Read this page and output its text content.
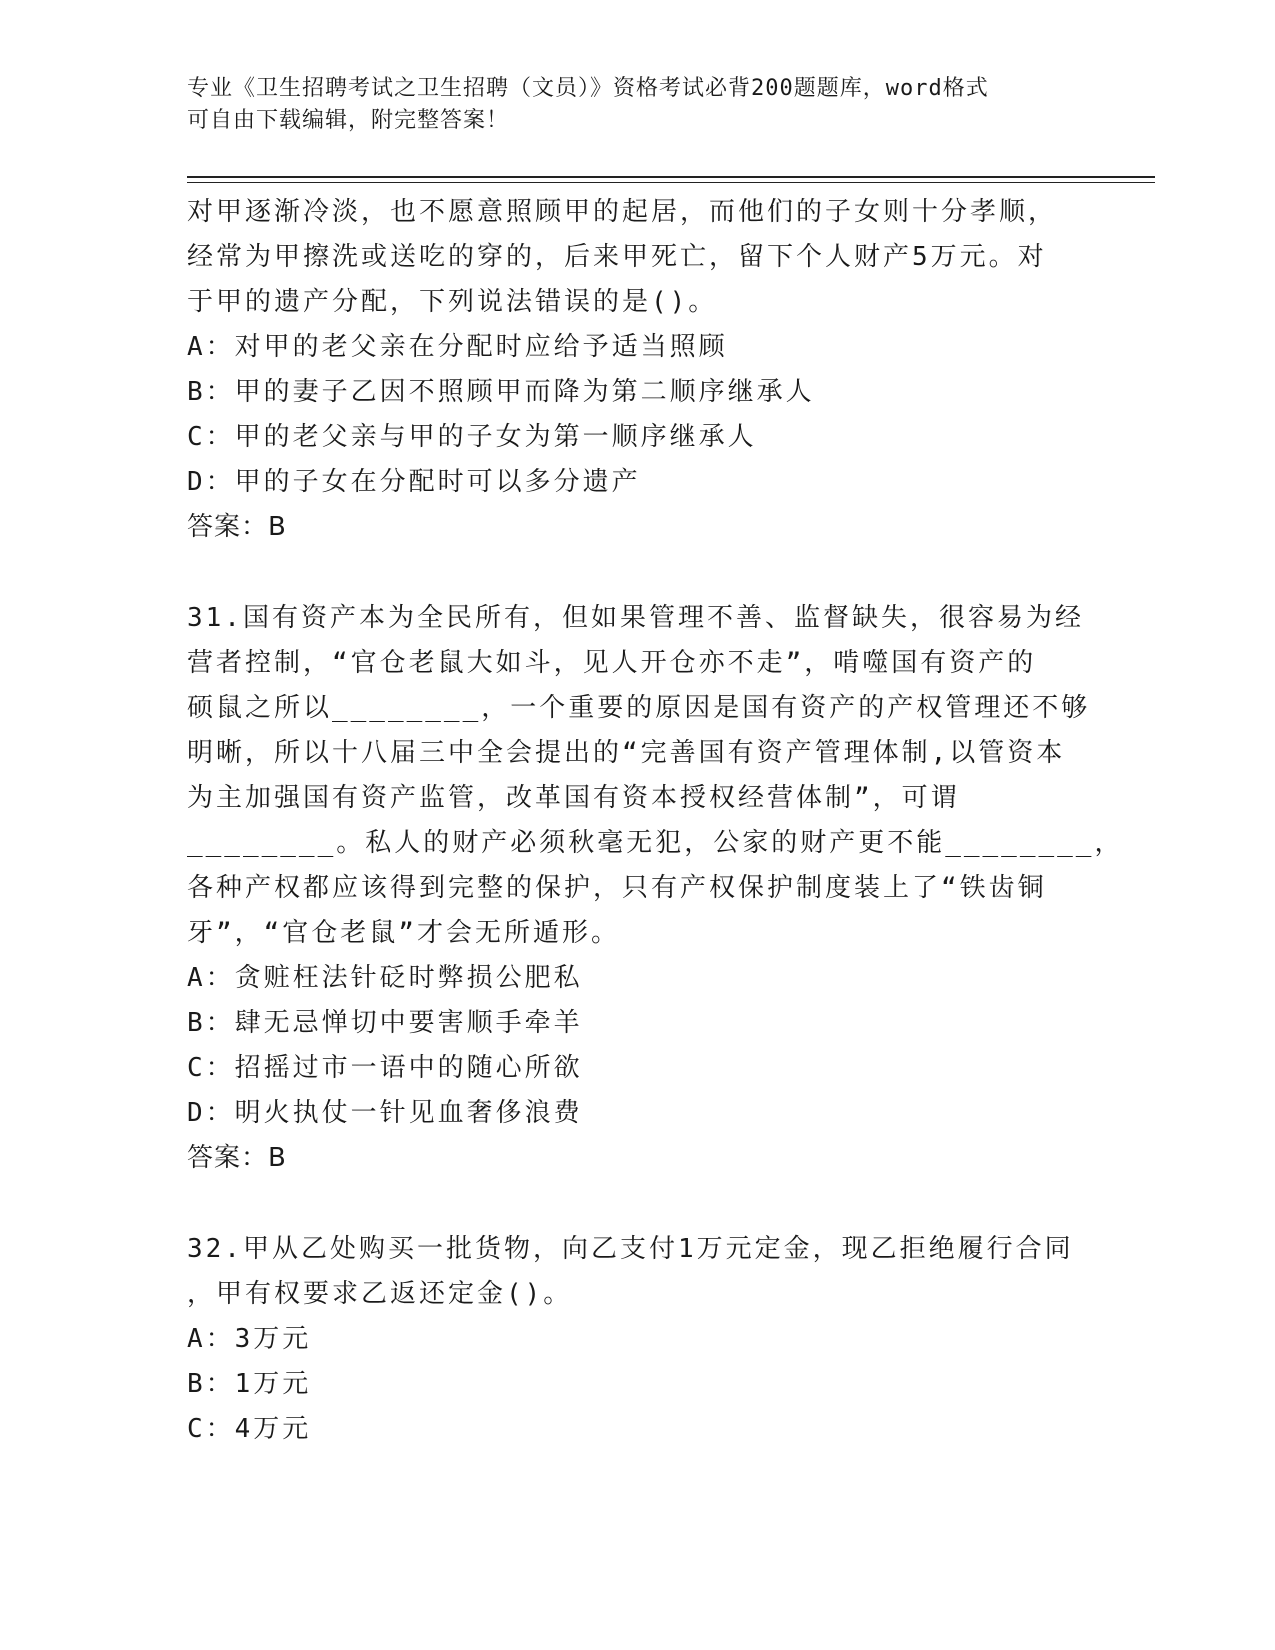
专业《卫生招聘考试之卫生招聘（文员）》资格考试必背200题题库，word格式
可自由下载编辑，附完整答案！
对甲逐渐冷淡，也不愿意照顾甲的起居，而他们的子女则十分孝顺，
经常为甲擦洗或送吃的穿的，后来甲死亡，留下个人财产5万元。对
于甲的遗产分配，下列说法错误的是()。
A：对甲的老父亲在分配时应给予适当照顾
B：甲的妻子乙因不照顾甲而降为第二顺序继承人
C：甲的老父亲与甲的子女为第一顺序继承人
D：甲的子女在分配时可以多分遗产
答案：B
31.国有资产本为全民所有，但如果管理不善、监督缺失，很容易为经
营者控制，“官仓老鼠大如斗，见人开仓亦不走”，啃噬国有资产的
硕鼠之所以________，一个重要的原因是国有资产的产权管理还不够
明晰，所以十八届三中全会提出的“完善国有资产管理体制,以管资本
为主加强国有资产监管，改革国有资本授权经营体制”，可谓
________。私人的财产必须秋毫无犯，公家的财产更不能________，
各种产权都应该得到完整的保护，只有产权保护制度装上了“铁齿铜
牙”，“官仓老鼠”才会无所遁形。
A：贪赃枉法针砭时弊损公肥私
B：肆无忌惮切中要害顺手牵羊
C：招摇过市一语中的随心所欲
D：明火执仗一针见血奢侈浪费
答案：B
32.甲从乙处购买一批货物，向乙支付1万元定金，现乙拒绝履行合同
，甲有权要求乙返还定金()。
A：3万元
B：1万元
C：4万元
